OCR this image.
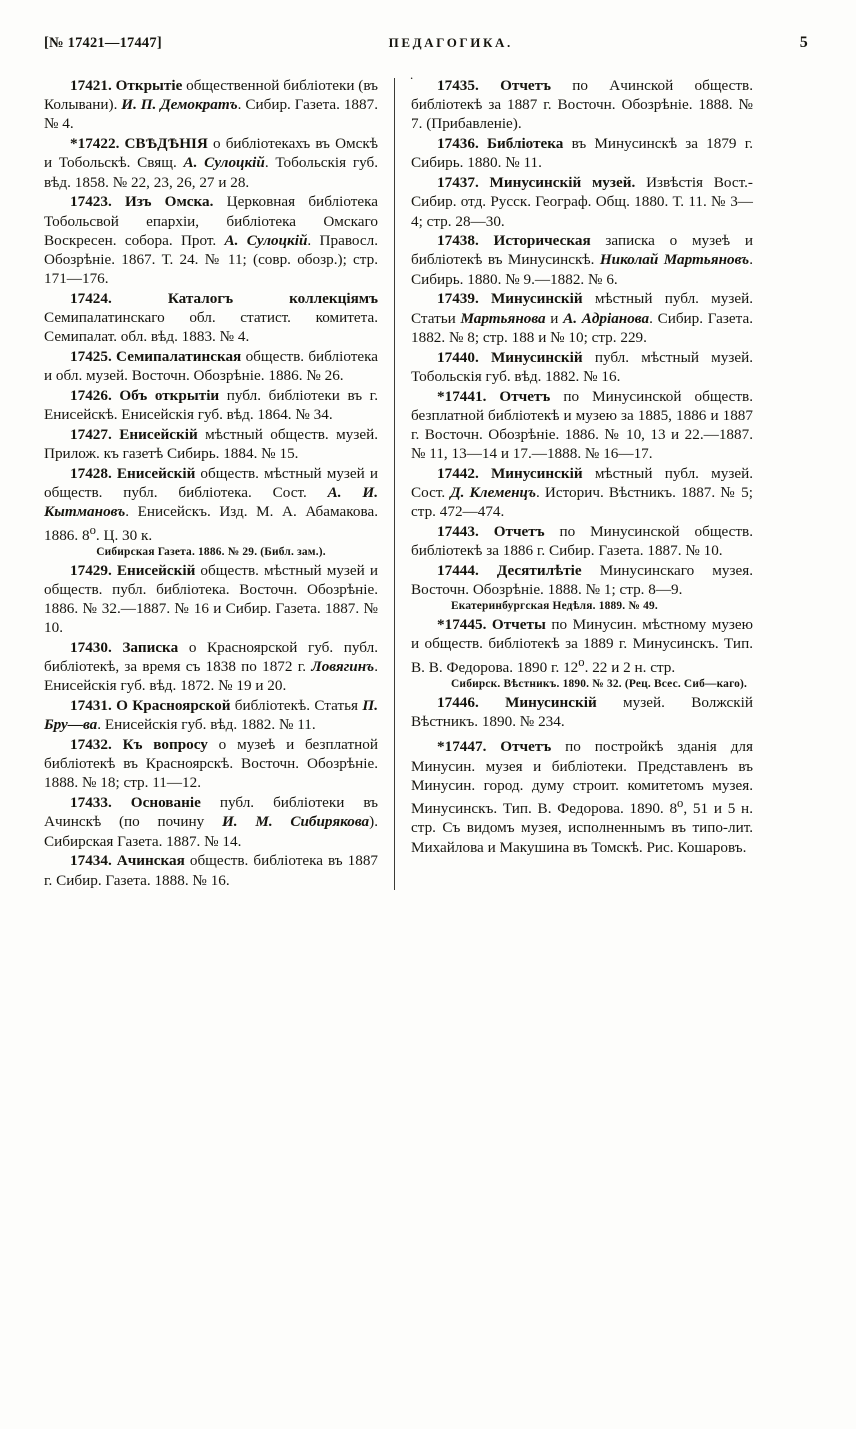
[№ 17421—17447]	ПЕДАГОГИКА.	5
.

17421. Открытіе общественной библіотеки (въ Колывани). И. П. Демократъ. Сибир. Газета. 1887. № 4.

*17422. СВѢДѢНІЯ о библіотекахъ въ Омскѣ и Тобольскѣ. Свящ. А. Сулоцкій. Тобольскія губ. вѣд. 1858. № 22, 23, 26, 27 и 28.

17423. Изъ Омска. Церковная библіотека Тобольсвой епархіи, библіотека Омскаго Воскресен. собора. Прот. А. Сулоцкій. Правосл. Обозрѣніе. 1867. Т. 24. № 11; (совр. обозр.); стр. 171—176.

17424.	Каталогъ коллекціямъ Семипалатинскаго обл. статист. комитета. Семипалат. обл. вѣд. 1883. № 4.

17425. Семипалатинская обществ. библіотека и обл. музей. Восточн. Обозрѣніе. 1886. № 26.

17426. Объ открытіи публ. библіотеки въ г. Енисейскѣ. Енисейскія губ. вѣд. 1864. № 34.

17427. Енисейскій мѣстный обществ. музей. Прилож. къ газетѣ Сибирь. 1884. № 15.

17428. Енисейскій обществ. мѣстный музей и обществ. публ. библіотека. Сост. А. И. Кытмановъ. Енисейскъ. Изд. М. А. Абамакова. 1886. $8^о$. Ц. 30 к.

Сибирская Газета. 1886. № 29. (Библ. зам.).

17429. Енисейскій обществ. мѣстный музей и обществ. публ. библіотека. Восточн. Обозрѣніе. 1886. № 32.—1887. № 16 и Сибир. Газета. 1887. № 10.

17430. Записка о Красноярской губ. публ. библіотекѣ, за время съ 1838 по 1872 г. Ловягинъ. Енисейскія губ. вѣд. 1872. № 19 и 20.

17431. О Красноярской библіотекѣ. Статья П. Бру—ва. Енисейскія губ. вѣд. 1882. № 11.

17432. Къ вопросу о музеѣ и безплатной библіотекѣ въ Красноярскѣ. Восточн. Обозрѣніе. 1888. № 18; стр. 11—12.

17433. Основаніе публ. библіотеки въ Ачинскѣ (по почину И. М. Сибирякова). Сибирская Газета. 1887. № 14.

17434. Ачинская обществ. библіотека въ 1887 г. Сибир. Газета. 1888. № 16.

17435. Отчетъ по Ачинской обществ. библіотекѣ за 1887 г. Восточн. Обозрѣніе. 1888. № 7. (Прибавленіе).

17436. Библіотека въ Минусинскѣ за 1879 г. Сибирь. 1880. № 11.

17437. Минусинскій музей. Извѣстія Вост.-Сибир. отд. Русск. Географ. Общ. 1880. Т. 11. № 3—4; стр. 28—30.

17438. Историческая записка о музеѣ и библіотекѣ въ Минусинскѣ. Николай Мартьяновъ. Сибирь. 1880. № 9.—1882. № 6.

17439. Минусинскій мѣстный публ. музей. Статьи Мартьянова и А. Адріанова. Сибир. Газета. 1882. № 8; стр. 188 и № 10; стр. 229.

17440. Минусинскій публ. мѣстный музей. Тобольскія губ. вѣд. 1882. № 16.

*17441. Отчетъ по Минусинской обществ. безплатной библіотекѣ и музею за 1885, 1886 и 1887 г. Восточн. Обозрѣніе. 1886. № 10, 13 и 22.—1887. № 11, 13—14 и 17.—1888. № 16—17.

17442. Минусинскій мѣстный публ. музей. Сост. Д. Клеменцъ. Историч. Вѣстникъ. 1887. № 5; стр. 472—474.

17443. Отчетъ по Минусинской обществ. библіотекѣ за 1886 г. Сибир. Газета. 1887. № 10.

17444. Десятилѣтіе Минусинскаго музея. Восточн. Обозрѣніе. 1888. № 1; стр. 8—9.

Екатеринбургская Недѣля. 1889. № 49.

*17445. Отчеты по Минусин. мѣстному музею и обществ. библіотекѣ за 1889 г. Минусинскъ. Тип. В. В. Федорова. 1890 г. $12^о$. 22 и 2 н. стр.

Сибирск. Вѣстникъ. 1890. № 32. (Рец. Всес. Сиб—каго).

17446. Минусинскій музей. Волжскій Вѣстникъ. 1890. № 234.

*17447. Отчетъ по постройкѣ зданія для Минусин. музея и библіотеки. Представленъ въ Минусин. город. думу строит. комитетомъ музея. Минусинскъ. Тип. В. Федорова. 1890. $8^о$, 51 и 5 н. стр. Съ видомъ музея, исполненнымъ въ типо-лит. Михайлова и Макушина въ Томскѣ. Рис. Кошаровъ.
